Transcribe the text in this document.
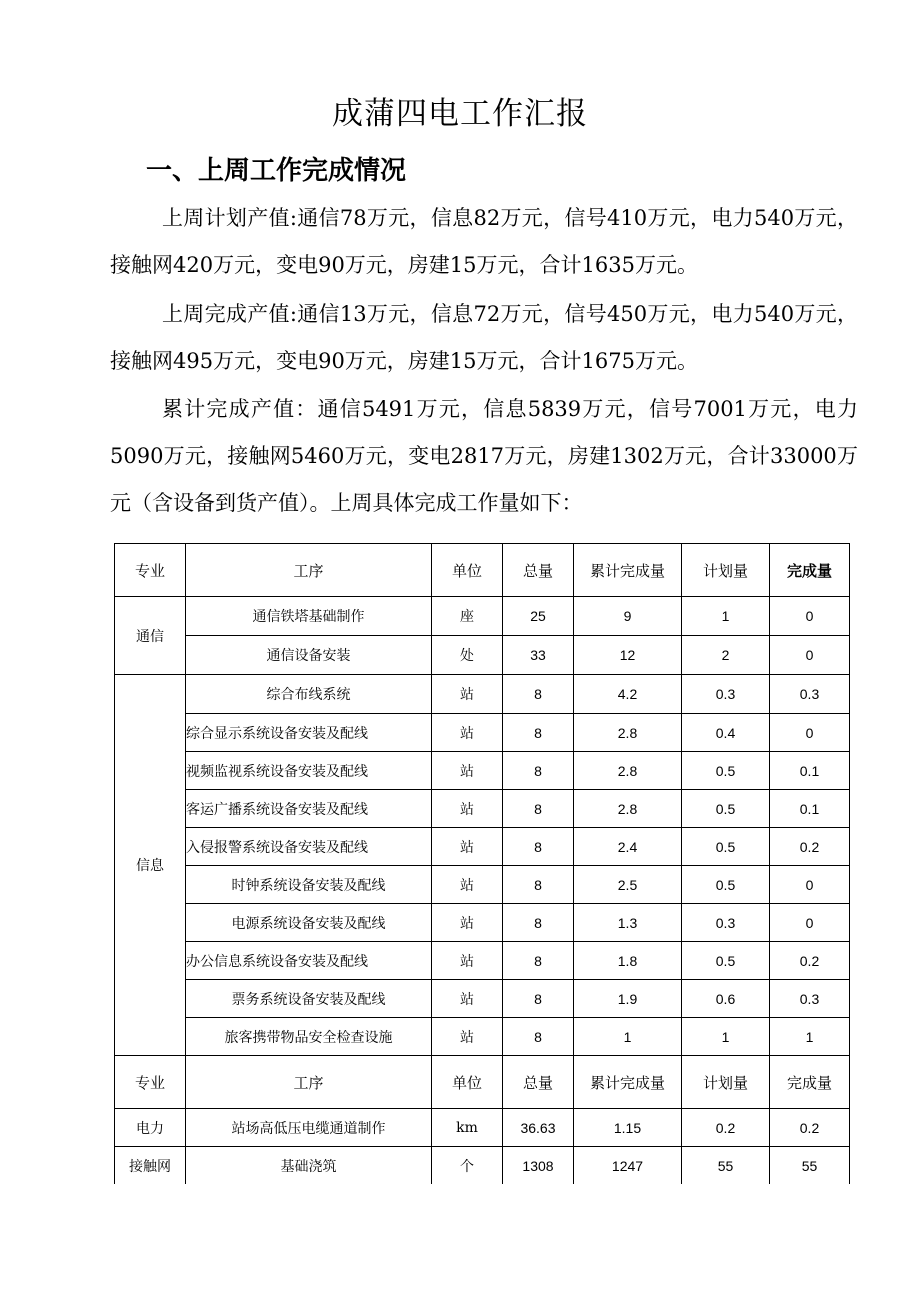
成蒲四电工作汇报
一、上周工作完成情况
上周计划产值:通信78万元，信息82万元，信号410万元，电力540万元，接触网420万元，变电90万元，房建15万元，合计1635万元。
上周完成产值:通信13万元，信息72万元，信号450万元，电力540万元，接触网495万元，变电90万元，房建15万元，合计1675万元。
累计完成产值：通信5491万元，信息5839万元，信号7001万元，电力5090万元，接触网5460万元，变电2817万元，房建1302万元，合计33000万元（含设备到货产值）。上周具体完成工作量如下：
专业	工序	单位	总量	累计完成量	计划量	完成量
通信	通信铁塔基础制作	座	25	9	1	0
	通信设备安装	处	33	12	2	0
信息	综合布线系统	站	8	4.2	0.3	0.3
	综合显示系统设备安装及配线	站	8	2.8	0.4	0
	视频监视系统设备安装及配线	站	8	2.8	0.5	0.1
	客运广播系统设备安装及配线	站	8	2.8	0.5	0.1
	入侵报警系统设备安装及配线	站	8	2.4	0.5	0.2
	时钟系统设备安装及配线	站	8	2.5	0.5	0
	电源系统设备安装及配线	站	8	1.3	0.3	0
	办公信息系统设备安装及配线	站	8	1.8	0.5	0.2
	票务系统设备安装及配线	站	8	1.9	0.6	0.3
	旅客携带物品安全检查设施	站	8	1	1	1
专业	工序	单位	总量	累计完成量	计划量	完成量
电力	站场高低压电缆通道制作	km	36.63	1.15	0.2	0.2
接触网	基础浇筑	个	1308	1247	55	55
